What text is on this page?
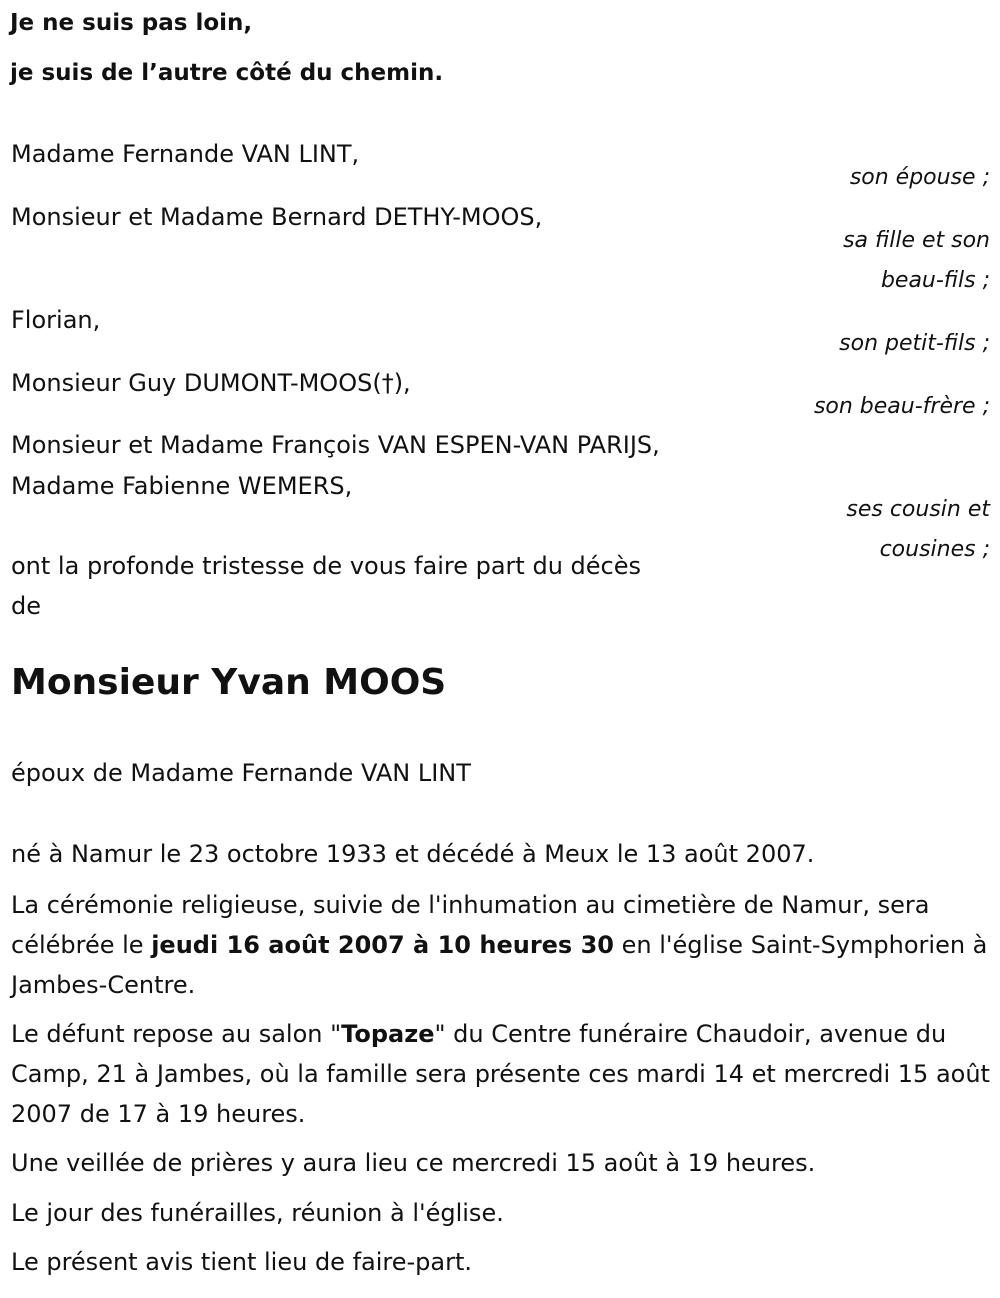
Je ne suis pas loin,
je suis de l’autre côté du chemin.
Madame Fernande VAN LINT,
son épouse ;
Monsieur et Madame Bernard DETHY-MOOS,
sa fille et son
beau-fils ;
Florian,
son petit-fils ;
Monsieur Guy DUMONT-MOOS(†),
son beau-frère ;
Monsieur et Madame François VAN ESPEN-VAN PARIJS,
Madame Fabienne WEMERS,
ses cousin et
cousines ;
ont la profonde tristesse de vous faire part du décès
de
Monsieur Yvan MOOS
époux de Madame Fernande VAN LINT
né à Namur le 23 octobre 1933 et décédé à Meux le 13 août 2007.
La cérémonie religieuse, suivie de l'inhumation au cimetière de Namur, sera célébrée le jeudi 16 août 2007 à 10 heures 30 en l'église Saint-Symphorien à Jambes-Centre.
Le défunt repose au salon "Topaze" du Centre funéraire Chaudoir, avenue du Camp, 21 à Jambes, où la famille sera présente ces mardi 14 et mercredi 15 août 2007 de 17 à 19 heures.
Une veillée de prières y aura lieu ce mercredi 15 août à 19 heures.
Le jour des funérailles, réunion à l'église.
Le présent avis tient lieu de faire-part.
